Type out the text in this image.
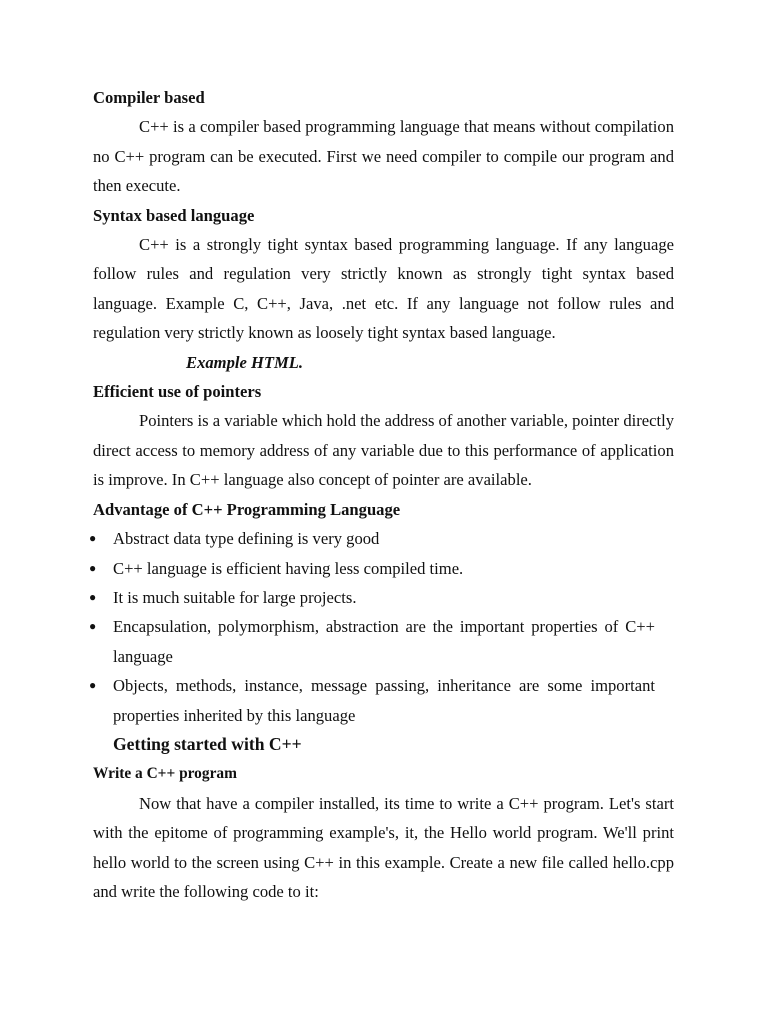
Compiler based

C++ is a compiler based programming language that means without compilation no C++ program can be executed. First we need compiler to compile our program and then execute.

Syntax based language

C++ is a strongly tight syntax based programming language. If any language follow rules and regulation very strictly known as strongly tight syntax based language. Example C, C++, Java, .net etc. If any language not follow rules and regulation very strictly known as loosely tight syntax based language.

Example HTML.

Efficient use of pointers

Pointers is a variable which hold the address of another variable, pointer directly direct access to memory address of any variable due to this performance of application is improve. In C++ language also concept of pointer are available.

Advantage of C++ Programming Language

● Abstract data type defining is very good
● C++ language is efficient having less compiled time.
● It is much suitable for large projects.
● Encapsulation, polymorphism, abstraction are the important properties of C++ language
● Objects, methods, instance, message passing, inheritance are some important properties inherited by this language

Getting started with C++

Write a C++ program

Now that have a compiler installed, its time to write a C++ program. Let's start with the epitome of programming example's, it, the Hello world program. We'll print hello world to the screen using C++ in this example. Create a new file called hello.cpp and write the following code to it:
